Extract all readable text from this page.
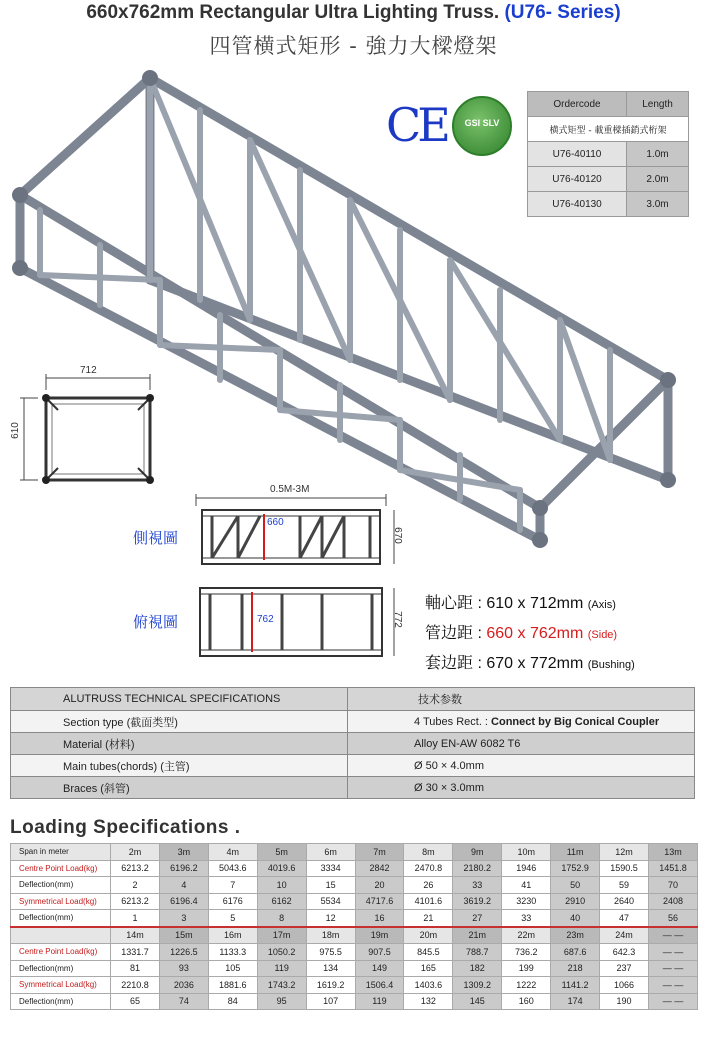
660x762mm Rectangular Ultra Lighting Truss. (U76- Series)
四管横式矩形 - 強力大樑燈架
CE	GSI SLV
Ordercode	Length
横式矩型 - 載重樑插銷式桁架	
U76-40110	1.0m
U76-40120	2.0m
U76-40130	3.0m
712
610
0.5M-3M
側視圖
660
670
俯視圖	762	772
軸心距 : 610 x 712mm (Axis)
管边距 : 660 x 762mm (Side)
套边距 : 670 x 772mm (Bushing)
ALUTRUSS TECHNICAL SPECIFICATIONS	技术参数
Section type (截面类型)	4 Tubes Rect. : Connect by Big Conical Coupler
Material (材料)	Alloy EN-AW 6082 T6
Main tubes(chords) (主管)	Ø 50 × 4.0mm
Braces (斜管)	Ø 30 × 3.0mm
Loading Specifications .
Span in meter	2m	3m	4m	5m	6m	7m	8m	9m	10m	11m	12m	13m
Centre Point Load(kg)	6213.2	6196.2	5043.6	4019.6	3334	2842	2470.8	2180.2	1946	1752.9	1590.5	1451.8
Deflection(mm)	2	4	7	10	15	20	26	33	41	50	59	70
Symmetrical Load(kg)	6213.2	6196.4	6176	6162	5534	4717.6	4101.6	3619.2	3230	2910	2640	2408
Deflection(mm)	1	3	5	8	12	16	21	27	33	40	47	56
	14m	15m	16m	17m	18m	19m	20m	21m	22m	23m	24m	— —
Centre Point Load(kg)	1331.7	1226.5	1133.3	1050.2	975.5	907.5	845.5	788.7	736.2	687.6	642.3	— —
Deflection(mm)	81	93	105	119	134	149	165	182	199	218	237	— —
Symmetrical Load(kg)	2210.8	2036	1881.6	1743.2	1619.2	1506.4	1403.6	1309.2	1222	1141.2	1066	— —
Deflection(mm)	65	74	84	95	107	119	132	145	160	174	190	— —
